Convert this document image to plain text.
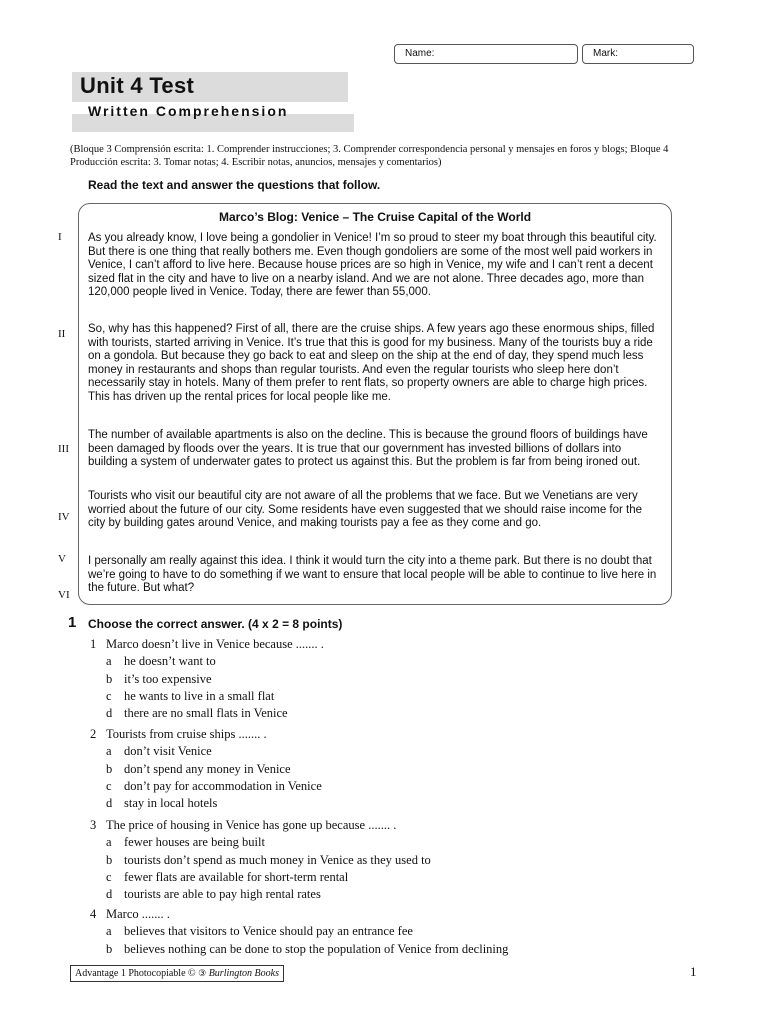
Name:	Mark:
Unit 4 Test
Written Comprehension
(Bloque 3 Comprensión escrita: 1. Comprender instrucciones; 3. Comprender correspondencia personal y mensajes en foros y blogs; Bloque 4 Producción escrita: 3. Tomar notas; 4. Escribir notas, anuncios, mensajes y comentarios)
Read the text and answer the questions that follow.
Marco’s Blog: Venice – The Cruise Capital of the World
I As you already know, I love being a gondolier in Venice! I’m so proud to steer my boat through this beautiful city. But there is one thing that really bothers me. Even though gondoliers are some of the most well paid workers in Venice, I can’t afford to live here. Because house prices are so high in Venice, my wife and I can’t rent a decent sized flat in the city and have to live on a nearby island. And we are not alone. Three decades ago, more than 120,000 people lived in Venice. Today, there are fewer than 55,000.
II So, why has this happened? First of all, there are the cruise ships. A few years ago these enormous ships, filled with tourists, started arriving in Venice. It’s true that this is good for my business. Many of the tourists buy a ride on a gondola. But because they go back to eat and sleep on the ship at the end of day, they spend much less money in restaurants and shops than regular tourists. And even the regular tourists who sleep here don’t necessarily stay in hotels. Many of them prefer to rent flats, so property owners are able to charge high prices. This has driven up the rental prices for local people like me.
III
The number of available apartments is also on the decline. This is because the ground floors of buildings have been damaged by floods over the years. It is true that our government has invested billions of dollars into building a system of underwater gates to protect us against this. But the problem is far from being ironed out.
IV
Tourists who visit our beautiful city are not aware of all the problems that we face. But we Venetians are very worried about the future of our city. Some residents have even suggested that we should raise income for the city by building gates around Venice, and making tourists pay a fee as they come and go.
V I personally am really against this idea. I think it would turn the city into a theme park. But there is no doubt that we’re going to have to do something if we want to ensure that local people will be able to continue to live here in the future. But what?
VI
1 Choose the correct answer. (4 x 2 = 8 points)
1 Marco doesn’t live in Venice because ....... .
a he doesn’t want to
b it’s too expensive
c he wants to live in a small flat
d there are no small flats in Venice
2 Tourists from cruise ships ....... .
a don’t visit Venice
b don’t spend any money in Venice
c don’t pay for accommodation in Venice
d stay in local hotels
3 The price of housing in Venice has gone up because ....... .
a fewer houses are being built
b tourists don’t spend as much money in Venice as they used to
c fewer flats are available for short-term rental
d tourists are able to pay high rental rates
4 Marco ....... .
a believes that visitors to Venice should pay an entrance fee
b believes nothing can be done to stop the population of Venice from declining
Advantage 1 Photocopiable © ③ Burlington Books	1
